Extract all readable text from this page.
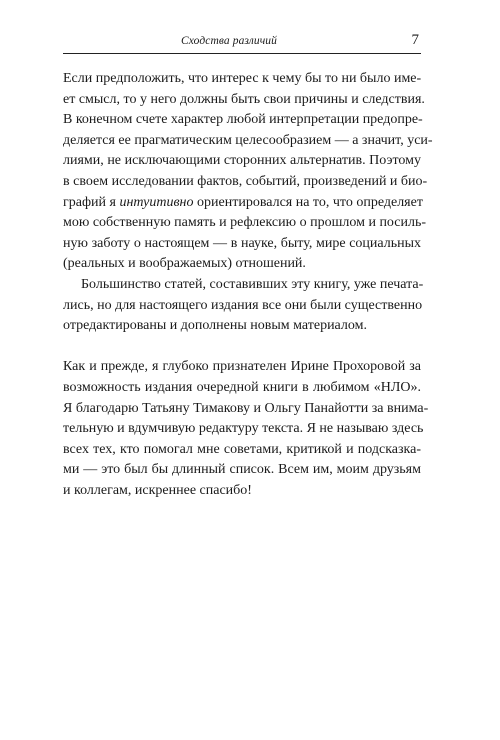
Сходства различий	7
Если предположить, что интерес к чему бы то ни было име-
ет смысл, то у него должны быть свои причины и следствия.
В конечном счете характер любой интерпретации предопре-
деляется ее прагматическим целесообразием — а значит, уси-
лиями, не исключающими сторонних альтернатив. Поэтому
в своем исследовании фактов, событий, произведений и био-
графий я интуитивно ориентировался на то, что определяет
мою собственную память и рефлексию о прошлом и посиль-
ную заботу о настоящем — в науке, быту, мире социальных
(реальных и воображаемых) отношений.
Большинство статей, составивших эту книгу, уже печата-
лись, но для настоящего издания все они были существенно
отредактированы и дополнены новым материалом.
Как и прежде, я глубоко признателен Ирине Прохоровой за
возможность издания очередной книги в любимом «НЛО».
Я благодарю Татьяну Тимакову и Ольгу Панайотти за внима-
тельную и вдумчивую редактуру текста. Я не называю здесь
всех тех, кто помогал мне советами, критикой и подсказка-
ми — это был бы длинный список. Всем им, моим друзьям
и коллегам, искреннее спасибо!
